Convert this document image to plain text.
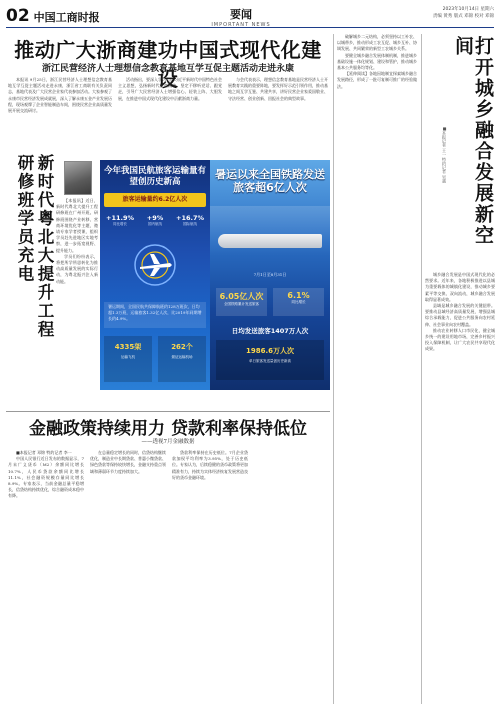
02 中国工商时报	要闻
IMPORTANT NEWS
2023年10月14日 星期六
责编 黄秀 版式 邓锦 校对 邓锦
推动广大浙商建功中国式现代化建设
浙江民营经济人士理想信念教育基地互学互促主题活动走进永康

本报讯 9月25日，浙江民营经济人士理想信念教育基地互学互促主题活动走进永康，浙江省工商联有关负责同志，基地代表及广大民营企业家代表参加活动。大家参观了永康市民营经济发展成就展，深入了解永康五金产业发展历程，现场观摩了企业智能制造车间，围绕民营企业高质量发展开展交流研讨。

活动指出，要深入学习贯彻习近平新时代中国特色社会主义思想，弘扬新时代浙商精神，坚定不移听党话、跟党走，引导广大民营经济人士增强信心、轻装上阵、大胆发展，在推进中国式现代化建设中贡献浙商力量。

与会代表表示，理想信念教育基地是民营经济人士开展教育实践的重要阵地，要发挥好示范引领作用，推动基地之间互学互鉴、共建共享，讲好民营企业家爱国敬业、守法经营、创业创新、回报社会的典型故事。

新时代粤北大提升工程研修班学员充电	【本报讯】近日，新时代粤北大提升工程研修班在广州开班。研修班围绕产业转移、营商环境优化等主题，邀请专家学者授课，组织学员赴先进地区实地考察，进一步拓宽视野、提升能力。

学员们纷纷表示，将把所学所思转化为推动高质量发展的实际行动，为粤北振兴注入新动能。

今年我国民航旅客运输量有望创历史新高
旅客运输量约6.2亿人次
+11.9%
同比增长
+9%
国内航线
+16.7%
国际航线
暑运期间，全国民航共保障航班约128万班次，日均超1.3万班，运输旅客1.32亿人次，比2019年同期增长约4.9%。
4335架
运输飞机
262个
颁证运输机场
暑运以来全国铁路发送旅客超6亿人次
7月1日至8月31日
6.05亿人次
全国铁路累计发送旅客
6.1%
同比增长
日均发送旅客1407万人次
1986.6万人次
单日旅客发送量创历史新高
金融政策持续用力 贷款利率保持低位
——透视7月金融数据

■本报记者 邓锦 特约记者 李一

中国人民银行近日发布的数据显示，7月末广义货币（M2）余额同比增长10.7%，人民币贷款余额同比增长11.1%，社会融资规模存量同比增长8.9%。专家表示，当前金融总量平稳增长，信贷结构持续优化，综合融资成本稳中有降。

在总量稳定增长的同时，信贷结构继续优化，制造业中长期贷款、普惠小微贷款、绿色贷款等保持较快增长，金融支持重点领域和薄弱环节力度持续加大。

贷款利率保持在历史低位。7月企业贷款加权平均利率为3.95%，处于历史低位。专家认为，后续稳健的货币政策将更加精准有力，持续为实体经济恢复发展营造良好的货币金融环境。

破解城乡二元结构，必须坚持以工补农、以城带乡，推动形成工农互促、城乡互补、协调发展、共同繁荣的新型工农城乡关系。

要健全城乡融合发展体制机制，推进城乡基础设施一体化规划、建设和管护，推动城乡基本公共服务均等化。

【延伸阅读】各地因地制宜探索城乡融合发展路径，形成了一批可复制可推广的经验做法。	打开城乡融合发展新空间
■本报记者 王一 特约记者 吴越

城乡融合发展是中国式现代化的必然要求。近年来，各地积极推进以县城为重要载体的城镇化建设，推动城乡要素平等交换、双向流动，城乡融合发展取得显著成效。

县域是城乡融合发展的关键纽带。要推动县域经济高质量发展，增强县城综合承载能力，促进公共服务向农村延伸、社会事业向农村覆盖。

推动农业转移人口市民化，健全城乡统一的建设用地市场，完善乡村振兴投入保障机制，让广大农民共享现代化成果。
